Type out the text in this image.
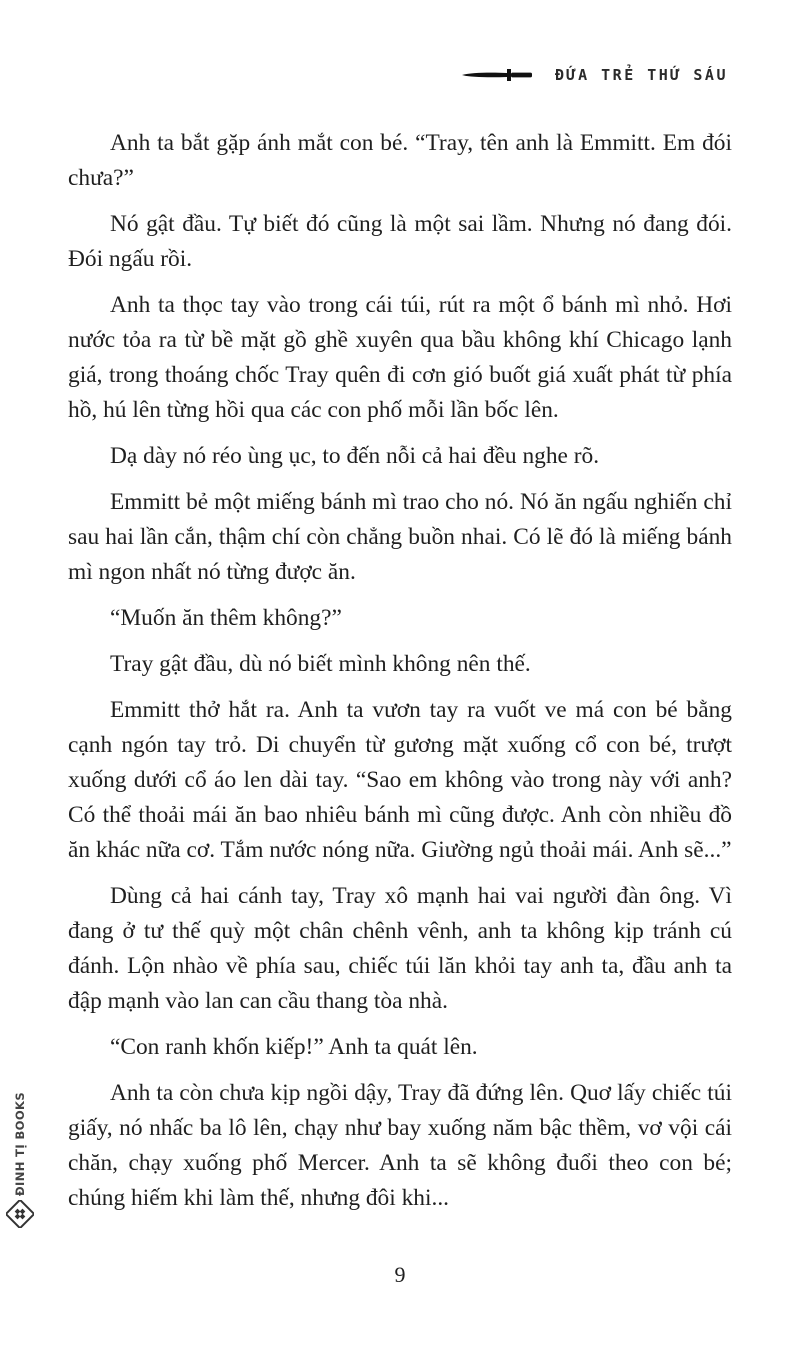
ĐỨA TRẺ THỨ SÁU

Anh ta bắt gặp ánh mắt con bé. “Tray, tên anh là Emmitt. Em đói chưa?”

Nó gật đầu. Tự biết đó cũng là một sai lầm. Nhưng nó đang đói. Đói ngấu rồi.

Anh ta thọc tay vào trong cái túi, rút ra một ổ bánh mì nhỏ. Hơi nước tỏa ra từ bề mặt gồ ghề xuyên qua bầu không khí Chicago lạnh giá, trong thoáng chốc Tray quên đi cơn gió buốt giá xuất phát từ phía hồ, hú lên từng hồi qua các con phố mỗi lần bốc lên.

Dạ dày nó réo ùng ục, to đến nỗi cả hai đều nghe rõ.

Emmitt bẻ một miếng bánh mì trao cho nó. Nó ăn ngấu nghiến chỉ sau hai lần cắn, thậm chí còn chẳng buồn nhai. Có lẽ đó là miếng bánh mì ngon nhất nó từng được ăn.

“Muốn ăn thêm không?”

Tray gật đầu, dù nó biết mình không nên thế.

Emmitt thở hắt ra. Anh ta vươn tay ra vuốt ve má con bé bằng cạnh ngón tay trỏ. Di chuyển từ gương mặt xuống cổ con bé, trượt xuống dưới cổ áo len dài tay. “Sao em không vào trong này với anh? Có thể thoải mái ăn bao nhiêu bánh mì cũng được. Anh còn nhiều đồ ăn khác nữa cơ. Tắm nước nóng nữa. Giường ngủ thoải mái. Anh sẽ...”

Dùng cả hai cánh tay, Tray xô mạnh hai vai người đàn ông. Vì đang ở tư thế quỳ một chân chênh vênh, anh ta không kịp tránh cú đánh. Lộn nhào về phía sau, chiếc túi lăn khỏi tay anh ta, đầu anh ta đập mạnh vào lan can cầu thang tòa nhà.

“Con ranh khốn kiếp!” Anh ta quát lên.

Anh ta còn chưa kịp ngồi dậy, Tray đã đứng lên. Quơ lấy chiếc túi giấy, nó nhấc ba lô lên, chạy như bay xuống năm bậc thềm, vơ vội cái chăn, chạy xuống phố Mercer. Anh ta sẽ không đuổi theo con bé; chúng hiếm khi làm thế, nhưng đôi khi...

9
ĐINH TỊ BOOKS
